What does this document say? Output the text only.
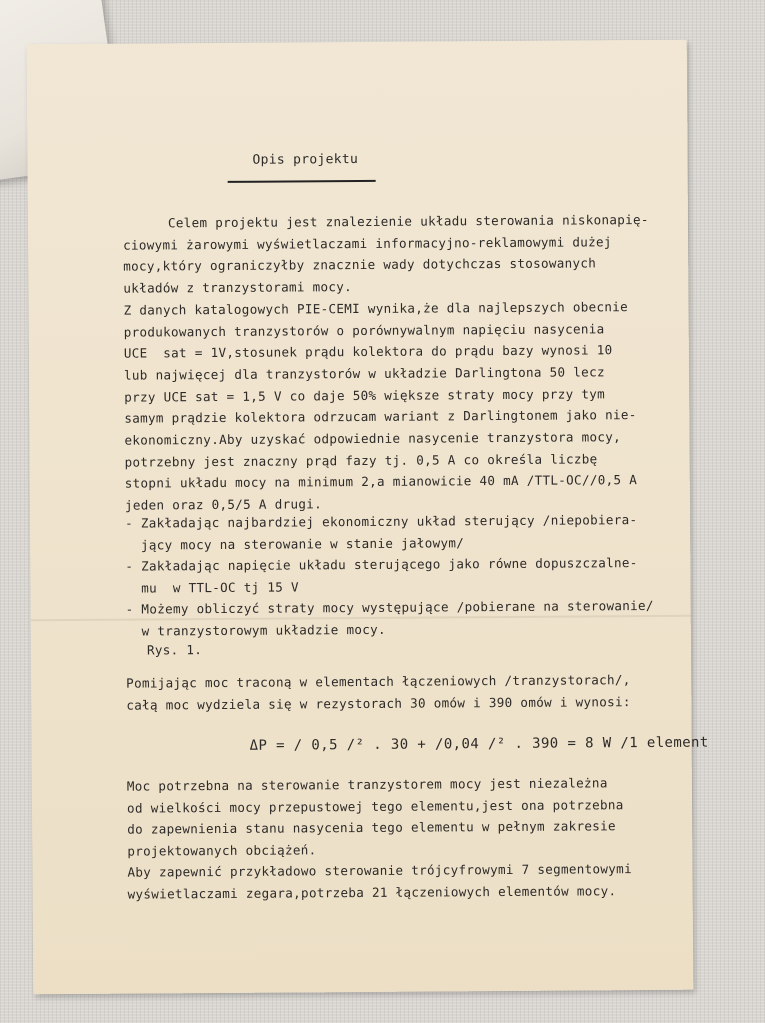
Opis projektu
Celem projektu jest znalezienie układu sterowania niskonapię-
ciowymi żarowymi wyświetlaczami informacyjno-reklamowymi dużej
mocy,który ograniczyłby znacznie wady dotychczas stosowanych
układów z tranzystorami mocy.
Z danych katalogowych PIE-CEMI wynika,że dla najlepszych obecnie
produkowanych tranzystorów o porównywalnym napięciu nasycenia
UCE  sat = 1V,stosunek prądu kolektora do prądu bazy wynosi 10
lub najwięcej dla tranzystorów w układzie Darlingtona 50 lecz
przy UCE sat = 1,5 V co daje 50% większe straty mocy przy tym
samym prądzie kolektora odrzucam wariant z Darlingtonem jako nie-
ekonomiczny.Aby uzyskać odpowiednie nasycenie tranzystora mocy,
potrzebny jest znaczny prąd fazy tj. 0,5 A co określa liczbę
stopni układu mocy na minimum 2,a mianowicie 40 mA /TTL-OC//0,5 A
jeden oraz 0,5/5 A drugi.
- Zakładając najbardziej ekonomiczny układ sterujący /niepobiera-
jący mocy na sterowanie w stanie jałowym/
- Zakładając napięcie układu sterującego jako równe dopuszczalne-
mu  w TTL-OC tj 15 V
- Możemy obliczyć straty mocy występujące /pobierane na sterowanie/
w tranzystorowym układzie mocy.
Rys. 1.
Pomijając moc traconą w elementach łączeniowych /tranzystorach/,
całą moc wydziela się w rezystorach 30 omów i 390 omów i wynosi:
ΔP = / 0,5 /² . 30 + /0,04 /² . 390 = 8 W /1 element
Moc potrzebna na sterowanie tranzystorem mocy jest niezależna
od wielkości mocy przepustowej tego elementu,jest ona potrzebna
do zapewnienia stanu nasycenia tego elementu w pełnym zakresie
projektowanych obciążeń.
Aby zapewnić przykładowo sterowanie trójcyfrowymi 7 segmentowymi
wyświetlaczami zegara,potrzeba 21 łączeniowych elementów mocy.
